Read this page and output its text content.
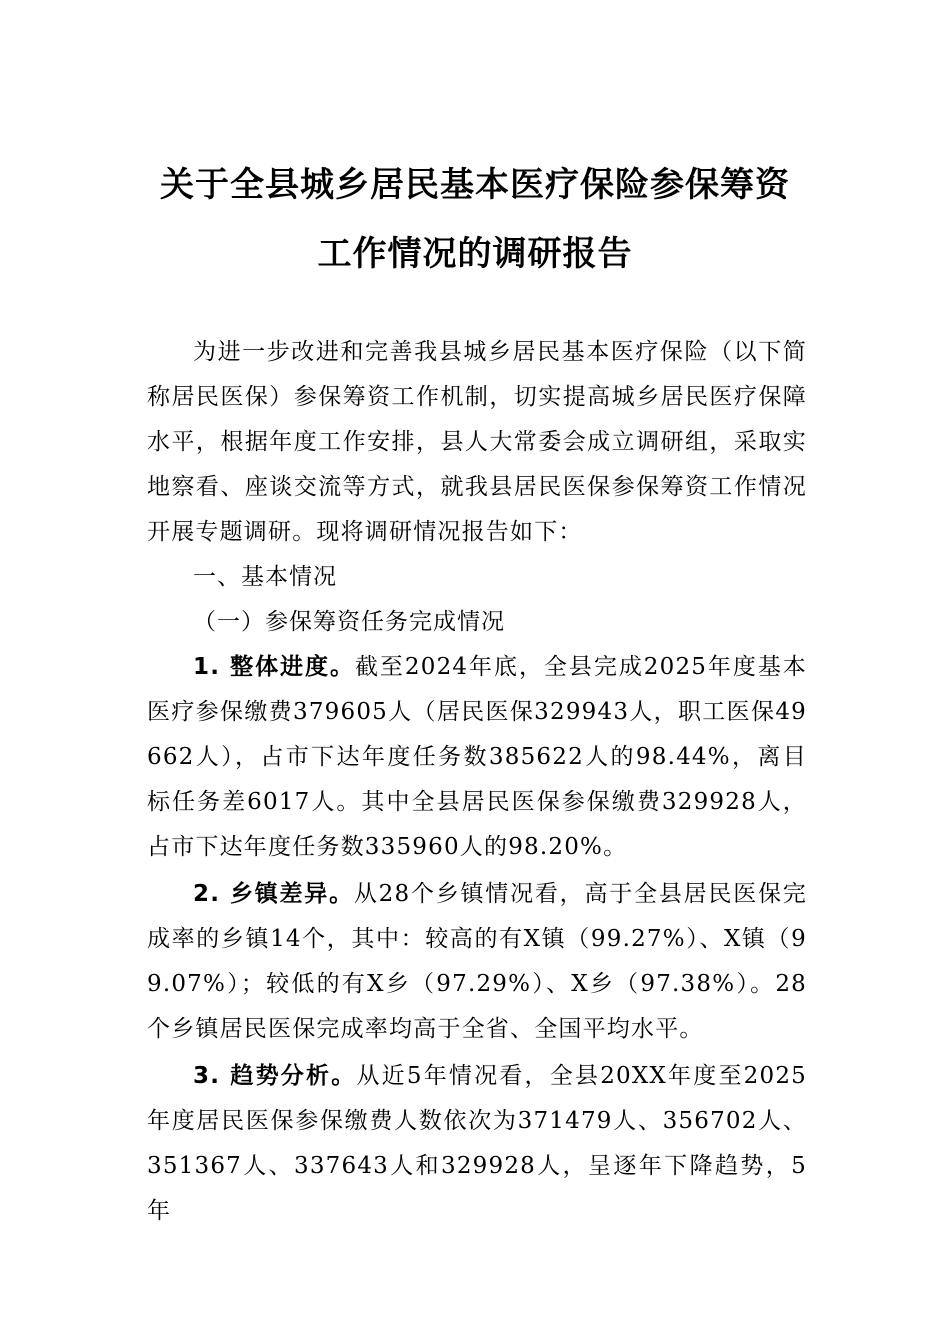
关于全县城乡居民基本医疗保险参保筹资
工作情况的调研报告

为进一步改进和完善我县城乡居民基本医疗保险（以下简称居民医保）参保筹资工作机制，切实提高城乡居民医疗保障水平，根据年度工作安排，县人大常委会成立调研组，采取实地察看、座谈交流等方式，就我县居民医保参保筹资工作情况开展专题调研。现将调研情况报告如下：

一、基本情况

（一）参保筹资任务完成情况

1. 整体进度。截至2024年底，全县完成2025年度基本医疗参保缴费379605人（居民医保329943人，职工医保49662人），占市下达年度任务数385622人的98.44%，离目标任务差6017人。其中全县居民医保参保缴费329928人，占市下达年度任务数335960人的98.20%。

2. 乡镇差异。从28个乡镇情况看，高于全县居民医保完成率的乡镇14个，其中：较高的有X镇（99.27%）、X镇（99.07%）；较低的有X乡（97.29%）、X乡（97.38%）。28个乡镇居民医保完成率均高于全省、全国平均水平。

3. 趋势分析。从近5年情况看，全县20XX年度至2025年度居民医保参保缴费人数依次为371479人、356702人、351367人、337643人和329928人，呈逐年下降趋势，5年
